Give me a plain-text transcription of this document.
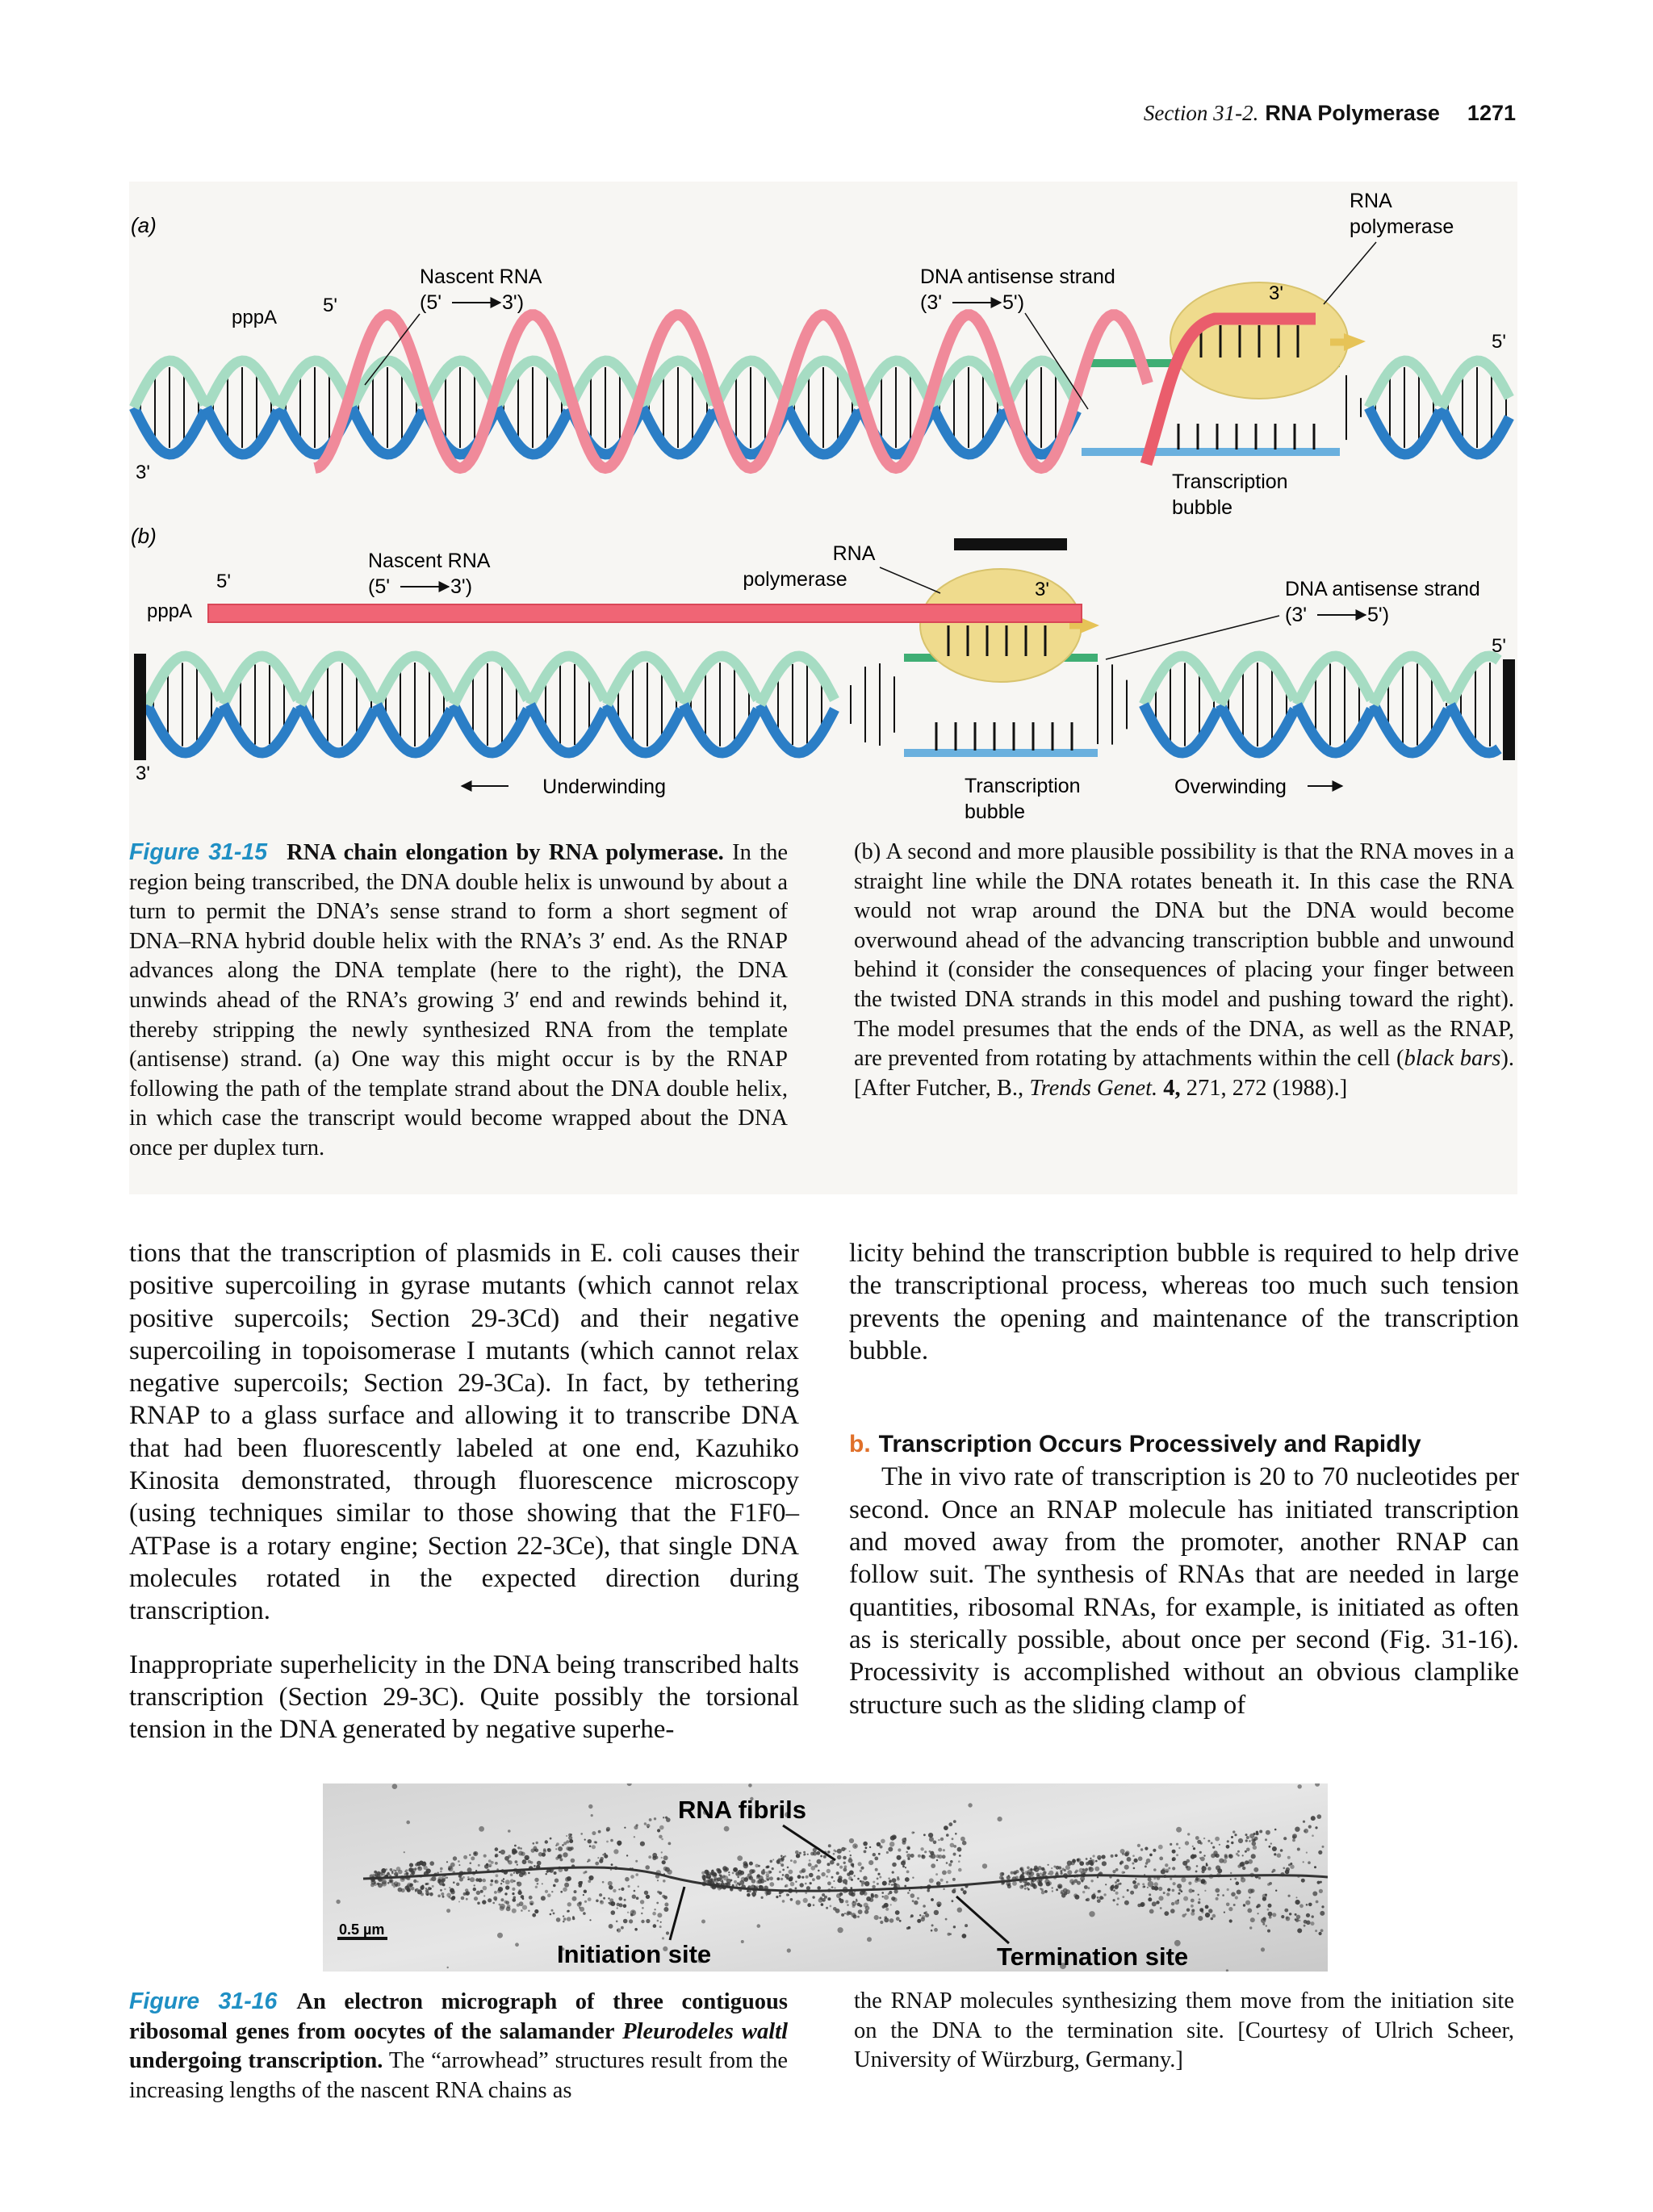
Section 31-2. RNA Polymerase 1271
(a)
5'
pppA
Nascent RNA
(5'	3')
DNA antisense strand
(3'	5')
RNA
polymerase
3'
5'
3'	Transcription
bubble
(b)
5'
pppA
Nascent RNA
(5'	3')
RNA
polymerase	3'	DNA antisense strand
(3'	5')
5'
3'
Underwinding	Transcription
bubble
Overwinding
Figure 31-15 RNA chain elongation by RNA polymerase. In the region being transcribed, the DNA double helix is unwound by about a turn to permit the DNA’s sense strand to form a short segment of DNA–RNA hybrid double helix with the RNA’s 3′ end. As the RNAP advances along the DNA template (here to the right), the DNA unwinds ahead of the RNA’s growing 3′ end and rewinds behind it, thereby stripping the newly synthesized RNA from the template (antisense) strand. (a) One way this might occur is by the RNAP following the path of the template strand about the DNA double helix, in which case the transcript would become wrapped about the DNA once per duplex turn.
(b) A second and more plausible possibility is that the RNA moves in a straight line while the DNA rotates beneath it. In this case the RNA would not wrap around the DNA but the DNA would become overwound ahead of the advancing transcription bubble and unwound behind it (consider the consequences of placing your finger between the twisted DNA strands in this model and pushing toward the right). The model presumes that the ends of the DNA, as well as the RNAP, are prevented from rotating by attachments within the cell (black bars). [After Futcher, B., Trends Genet. 4, 271, 272 (1988).]

tions that the transcription of plasmids in E. coli causes their positive supercoiling in gyrase mutants (which cannot relax positive supercoils; Section 29-3Cd) and their negative supercoiling in topoisomerase I mutants (which cannot relax negative supercoils; Section 29-3Ca). In fact, by tethering RNAP to a glass surface and allowing it to transcribe DNA that had been fluorescently labeled at one end, Kazuhiko Kinosita demonstrated, through fluorescence microscopy (using techniques similar to those showing that the F1F0–ATPase is a rotary engine; Section 22-3Ce), that single DNA molecules rotated in the expected direction during transcription.

Inappropriate superhelicity in the DNA being transcribed halts transcription (Section 29-3C). Quite possibly the torsional tension in the DNA generated by negative superhe-

licity behind the transcription bubble is required to help drive the transcriptional process, whereas too much such tension prevents the opening and maintenance of the transcription bubble.

b. Transcription Occurs Processively and Rapidly

The in vivo rate of transcription is 20 to 70 nucleotides per second. Once an RNAP molecule has initiated transcription and moved away from the promoter, another RNAP can follow suit. The synthesis of RNAs that are needed in large quantities, ribosomal RNAs, for example, is initiated as often as is sterically possible, about once per second (Fig. 31-16). Processivity is accomplished without an obvious clamplike structure such as the sliding clamp of

RNA fibrils
Initiation site	Termination site
0.5 µm
Figure 31-16 An electron micrograph of three contiguous ribosomal genes from oocytes of the salamander Pleurodeles waltl undergoing transcription. The “arrowhead” structures result from the increasing lengths of the nascent RNA chains as
the RNAP molecules synthesizing them move from the initiation site on the DNA to the termination site. [Courtesy of Ulrich Scheer, University of Würzburg, Germany.]
